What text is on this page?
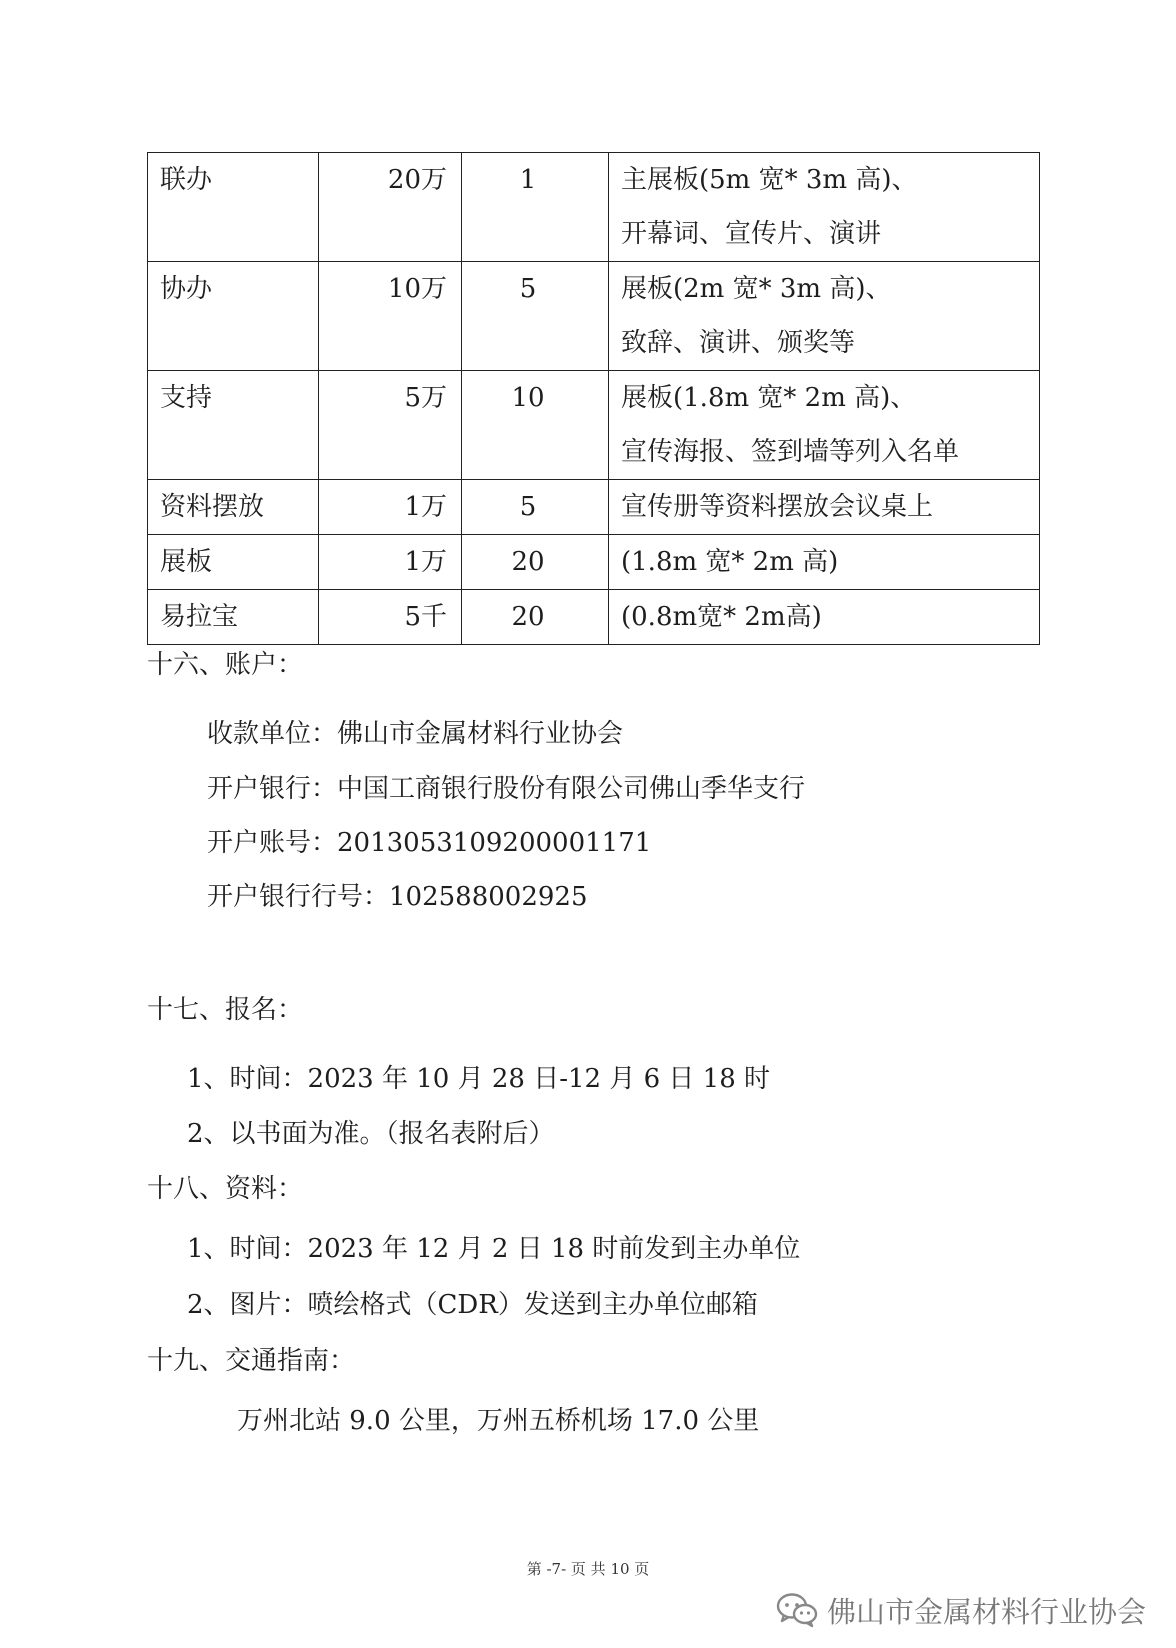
联办	20万	1	主展板(5m 宽* 3m 高)、
开幕词、宣传片、演讲

协办	10万	5	展板(2m 宽* 3m 高)、
致辞、演讲、颁奖等

支持	5万	10	展板(1.8m 宽* 2m 高)、
宣传海报、签到墙等列入名单

资料摆放	1万	5	宣传册等资料摆放会议桌上

展板	1万	20	(1.8m 宽* 2m 高)

易拉宝	5千	20	(0.8m宽* 2m高)
十六、账户：
收款单位：佛山市金属材料行业协会
开户银行：中国工商银行股份有限公司佛山季华支行
开户账号：2013053109200001171
开户银行行号：102588002925
十七、报名：
1、时间：2023 年 10 月 28 日-12 月 6 日 18 时
2、以书面为准。（报名表附后）
十八、资料：
1、时间：2023 年 12 月 2 日 18 时前发到主办单位
2、图片：喷绘格式（CDR）发送到主办单位邮箱
十九、交通指南：
万州北站 9.0 公里，万州五桥机场 17.0 公里
第 -7- 页 共 10 页
佛山市金属材料行业协会
